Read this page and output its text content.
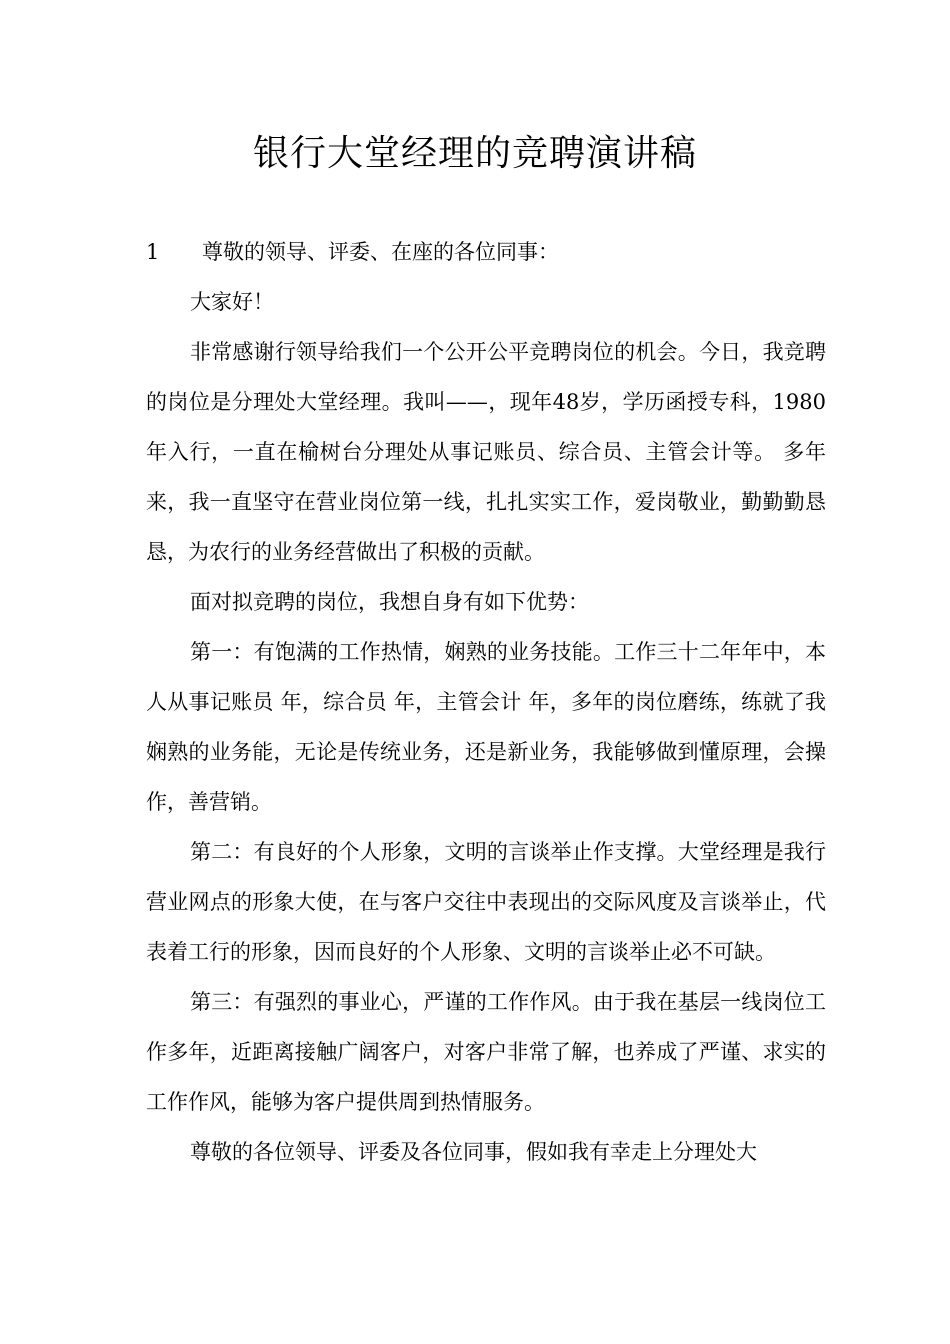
银行大堂经理的竞聘演讲稿

1 尊敬的领导、评委、在座的各位同事：

大家好！

非常感谢行领导给我们一个公开公平竞聘岗位的机会。今日，我竞聘的岗位是分理处大堂经理。我叫——，现年48岁，学历函授专科，1980年入行，一直在榆树台分理处从事记账员、综合员、主管会计等。 多年来，我一直坚守在营业岗位第一线，扎扎实实工作，爱岗敬业，勤勤勤恳恳，为农行的业务经营做出了积极的贡献。

面对拟竞聘的岗位，我想自身有如下优势：

第一：有饱满的工作热情，娴熟的业务技能。工作三十二年年中，本人从事记账员 年，综合员 年，主管会计 年，多年的岗位磨练，练就了我娴熟的业务能，无论是传统业务，还是新业务，我能够做到懂原理，会操作，善营销。

第二：有良好的个人形象，文明的言谈举止作支撑。大堂经理是我行营业网点的形象大使，在与客户交往中表现出的交际风度及言谈举止，代表着工行的形象，因而良好的个人形象、文明的言谈举止必不可缺。

第三：有强烈的事业心，严谨的工作作风。由于我在基层一线岗位工作多年，近距离接触广阔客户，对客户非常了解，也养成了严谨、求实的工作作风，能够为客户提供周到热情服务。

尊敬的各位领导、评委及各位同事，假如我有幸走上分理处大
